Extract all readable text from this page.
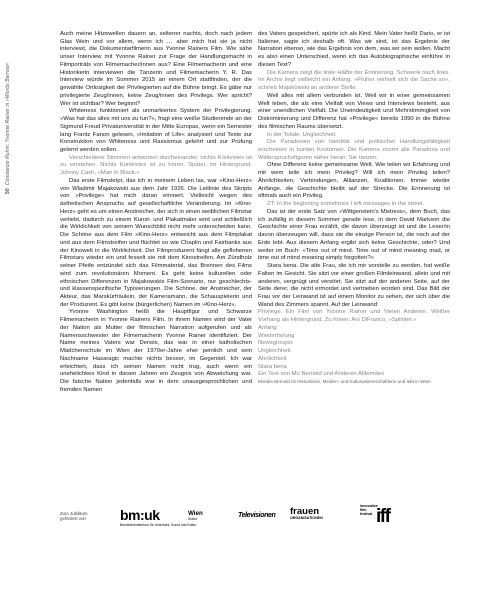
50  Constanze Ruhm: Yvonne Rainer in »Words Barrow»

Auch meine Hitzewellen dauern an, seltener nachts, doch nach jedem Glas Wein und vor allem, wenn ich … aber mich hat sie ja nicht interviewt, die Dokumentarfilmerin aus Yvonne Rainers Film. Wie sähe unser Interview mit Yvonne Rainer zur Frage der Handlungsmacht in Filmporträts von Filmemacher/innen aus? Eine Filmemacherin und eine Historikerin interviewen die Tänzerin und Filmemacherin Y. R. Das Interview würde im Sommer 2015 an einem Ort stattfinden, der die gewählte Ortlosigkeit der Privilegierten auf die Bühne bringt. Es gäbe nur privilegierte Zeug/innen, keine Zeug/innen des Privilegs. Wer spricht? Wer ist sichtbar? Wer beginnt?

Whiteness funktioniert als unmarkiertes System der Privilegierung. »Was hat das alles mit uns zu tun?«, fragt eine weiße Studierende an der Sigmund Freud Privatuniversität in der Mitte Europas, wenn ein Semester lang Frantz Fanon gelesen, »Imitation of Life« analysiert und Texte zur Konstruktion von Whiteness und Rassismus gelehrt und zur Prüfung gelernt werden sollen.

Verschiedene Stimmen antworten durcheinander, nichts Konkretes ist zu verstehen. Nichts Konkretes ist zu hören. Später, im Hintergrund: Johnny Cash, »Man in Black.«

Das erste Filmskript, das ich in meinem Leben las, war »Kino-Herz« von Wladimir Majakowski aus dem Jahr 1926. Die Leitlinie des Skripts von »Privilege« hat mich daran erinnert. Vielleicht wegen des ästhetischen Anspruchs auf gesellschaftliche Veränderung. Im »Kino-Herz« geht es um einen Anstreicher, der sich in einen weiblichen Filmstar verliebt, dadurch zu einem Kunst- und Plakatmaler wird und schließlich die Wirklichkeit von seinem Wunschbild nicht mehr unterscheiden kann. Die Schöne aus dem Film »Kino-Herz« entweicht aus dem Filmplakat und aus dem Filmstreifen und flüchtet so wie Chaplin und Fairbanks aus der Kinowelt in die Wirklichkeit. Der Filmproduzent fängt alle geflohenen Filmstars wieder ein und fesselt sie mit dem Kinostreifen. Am Zündholz seiner Pfeife entzündet sich das Filmmaterial, das Brennen des Films wird zum revolutionären Moment. Es geht keine kulturellen oder ethnischen Differenzen in Majakowskis Film-Szenario, nur geschlechts- und klassenspezifische Typisierungen. Die Schöne, der Anstreicher, der Akteur, das Marskürfräulein, der Kameramann, die Schauspielerin und der Produzent. Es gibt keine (bürgerlichen) Namen im »Kino-Herz«.

Yvonne Washington heißt die Hauptfigur und Schwarze Filmemacherin in Yvonne Rainers Film. In ihrem Namen wird der Vater der Nation als Mutter der filmischen Narration aufgerufen und als Namensschwester der Filmemacherin Yvonne Rainer identifiziert. Der Name meines Vaters war Derwis, das war in einer katholischen Mädchenschule im Wien der 1970er-Jahre eher peinlich und sein Nachname Hasaragic machte nichts besser, im Gegenteil. Ich war erleichtert, dass ich seinen Namen nicht trug, auch wenn ein unehelichkes Kind in diesen Jahren ein Zeugnis von Abweichung war. Die falsche Nation jedenfalls war in dem unausgesprochlichen und fremden Namen

des Vaters gespeichert, spürte ich als Kind. Mein Vater heißt Dario, er ist Italiener, sagte ich deshalb oft. Was wir sind, ist das Ergebnis der Narration ebenso, wie das Ergebnis von dem, was wir sein wollen. Macht es also einen Unterschied, wenn ich das Autobiographische einführe in diesen Text?

Die Kamera zeigt die linke Hälfte der Erinnerung. Schwenk nach links. Im Archiv liegt vielleicht ein Anfang. »Früher verhielt sich die Sache so«, schrieb Majakowski an anderer Stelle.

Weil alles mit allem verbunden ist. Weil wir in einer gemeinsamen Welt leben, die als eine Vielfalt von Views und Interviews besteht, aus einer unendlichen Vielfalt. Die Uneindeutigkeit und Mehrstimmigkeit von Diskriminierung und Differenz hat »Privilege« bereits 1990 in die Bühne des filmischen Raums übersetzt.

In der Totale: Ungleichheit.

Die Paradoxien von Identität und politischer Handlungsfähigkeit erscheinen in bunten Kostümen. Die Kamera zoomt alle Paradoxa und Widerspruchsfiguren näher heran. Sie tanzen.

Ohne Differenz keine gemeinsame Welt. Wie teilen wir Erfahrung und mit wem teile ich mein Privileg? Will ich mein Privileg teilen? Ähnlichkeiten, Verbindungen, Allianzen, Koalitionen. Immer wieder Anfänge, die Geschichte bleibt auf der Strecke. Die Erinnerung ist oftmals auch ein Privileg.

ZT: In the beginning sometimes I left messages in the street.

Das ist der erste Satz von »Wittgenstein's Mistress«, dem Buch, das ich zufällig in diesem Sommer gerade lese, in dem David Markson die Geschichte einer Frau erzählt, die davon überzeugt ist und die Leser/in davon überzeugen will, dass sie die einzige Person ist, die noch auf der Erde lebt. Aus diesem Anfang ergibt sich keine Geschichte, oder? Und weiter im Buch: »Time out of mind. Time out of mind meaning mad, or time out of mind meaning simply forgotten?«

Stara bena. Die alte Frau, die ich mir vorstelle zu werden, hat weiße Falten im Gesicht. Sie sitzt vor einer großen Filmleinwand, allein und mit anderen, vergnügt und verstört. Sie sitzt auf der anderen Seite, auf der Seite derer, die nicht ermordet und vertrieben worden sind. Das Bild der Frau vor der Leinwand ist auf einem Monitor zu sehen, der sich über die Wand des Zimmers spannt. Auf der Leinwand:

Privilege. Ein Film von Yvonne Rainer und Vielen Anderen. Weißer Vorhang als Hintergrund. Zu hören: Ani DiFranco, »Splinter.«

Anfang

Wiederholung

Newsgroupst

Ungleichheit

Ähnlichkeit

Stara bena

Ein Text von Mo Bernold und Anderen Alltemden

Monika Bernold ist Historikerin, Medien- und Kulturwissenschaftlerin und lebt in Wien.

Zum Jubiläum gefördert von	bm:uk
Bundesministerium für Unterricht, Kunst und Kultur
Wien
Kultur
Televisionen frauen
ORGANISATIONEN
innovative
film
festival iff
